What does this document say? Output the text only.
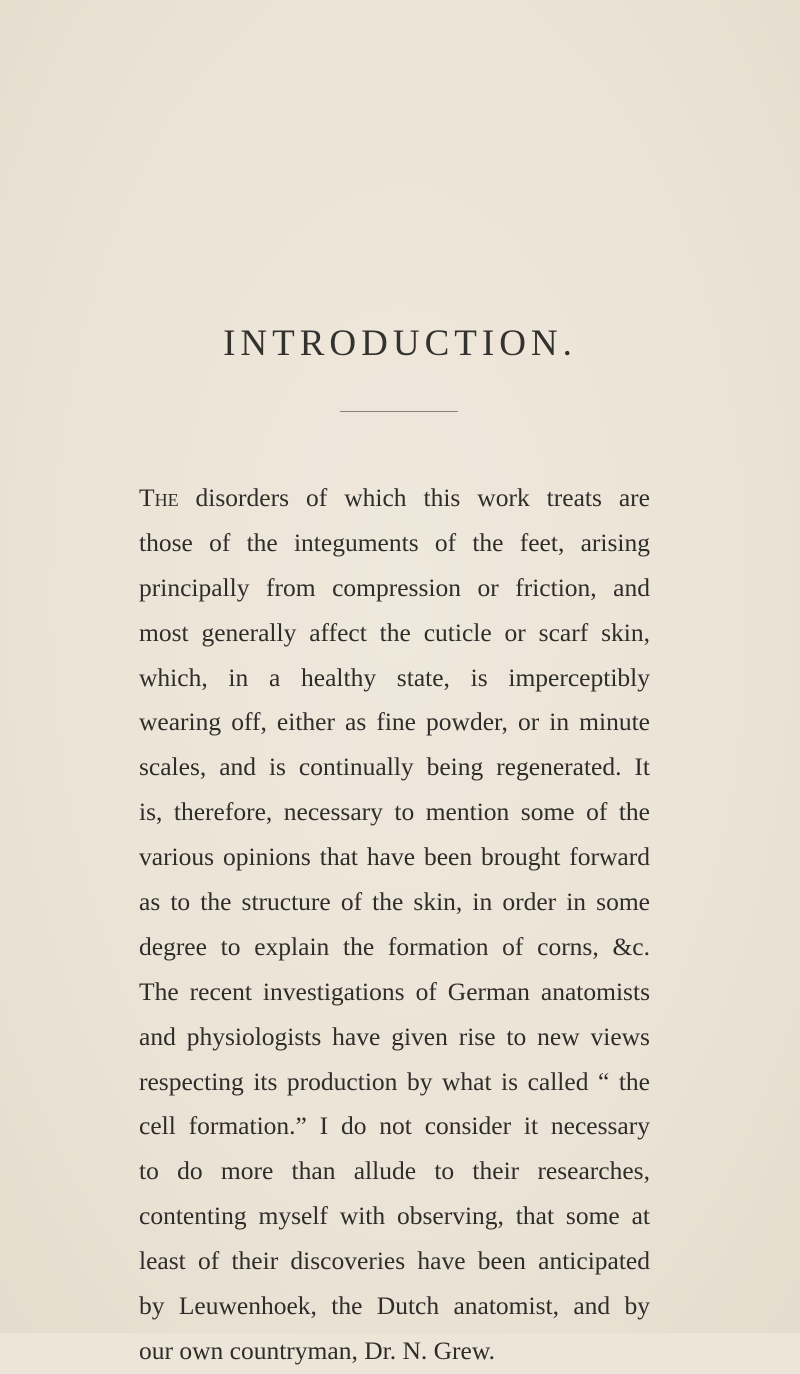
INTRODUCTION.
The disorders of which this work treats are
those of the integuments of the feet, arising
principally from compression or friction, and
most generally affect the cuticle or scarf skin,
which, in a healthy state, is imperceptibly
wearing off, either as fine powder, or in minute
scales, and is continually being regenerated. It
is, therefore, necessary to mention some of the
various opinions that have been brought forward
as to the structure of the skin, in order in some
degree to explain the formation of corns, &c.
The recent investigations of German anatomists
and physiologists have given rise to new views
respecting its production by what is called “ the
cell formation.” I do not consider it necessary
to do more than allude to their researches,
contenting myself with observing, that some at
least of their discoveries have been anticipated
by Leuwenhoek, the Dutch anatomist, and by
our own countryman, Dr. N. Grew.
